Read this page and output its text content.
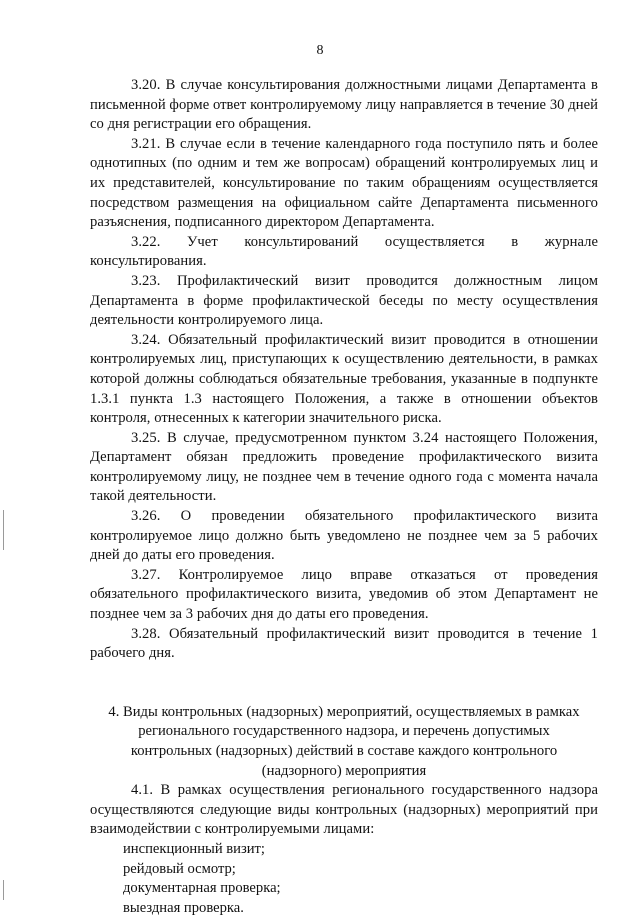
8

3.20. В случае консультирования должностными лицами Департамента в письменной форме ответ контролируемому лицу направляется в течение 30 дней со дня регистрации его обращения.

3.21. В случае если в течение календарного года поступило пять и более однотипных (по одним и тем же вопросам) обращений контролируемых лиц и их представителей, консультирование по таким обращениям осуществляется посредством размещения на официальном сайте Департамента письменного разъяснения, подписанного директором Департамента.

3.22. Учет консультирований осуществляется в журнале консультирования.

3.23. Профилактический визит проводится должностным лицом Департамента в форме профилактической беседы по месту осуществления деятельности контролируемого лица.

3.24. Обязательный профилактический визит проводится в отношении контролируемых лиц, приступающих к осуществлению деятельности, в рамках которой должны соблюдаться обязательные требования, указанные в подпункте 1.3.1 пункта 1.3 настоящего Положения, а также в отношении объектов контроля, отнесенных к категории значительного риска.

3.25. В случае, предусмотренном пунктом 3.24 настоящего Положения, Департамент обязан предложить проведение профилактического визита контролируемому лицу, не позднее чем в течение одного года с момента начала такой деятельности.

3.26. О проведении обязательного профилактического визита контролируемое лицо должно быть уведомлено не позднее чем за 5 рабочих дней до даты его проведения.

3.27. Контролируемое лицо вправе отказаться от проведения обязательного профилактического визита, уведомив об этом Департамент не позднее чем за 3 рабочих дня до даты его проведения.

3.28. Обязательный профилактический визит проводится в течение 1 рабочего дня.

4. Виды контрольных (надзорных) мероприятий, осуществляемых в рамках
регионального государственного надзора, и перечень допустимых
контрольных (надзорных) действий в составе каждого контрольного
(надзорного) мероприятия

4.1. В рамках осуществления регионального государственного надзора осуществляются следующие виды контрольных (надзорных) мероприятий при взаимодействии с контролируемыми лицами:

инспекционный визит;
рейдовый осмотр;
документарная проверка;
выездная проверка.
